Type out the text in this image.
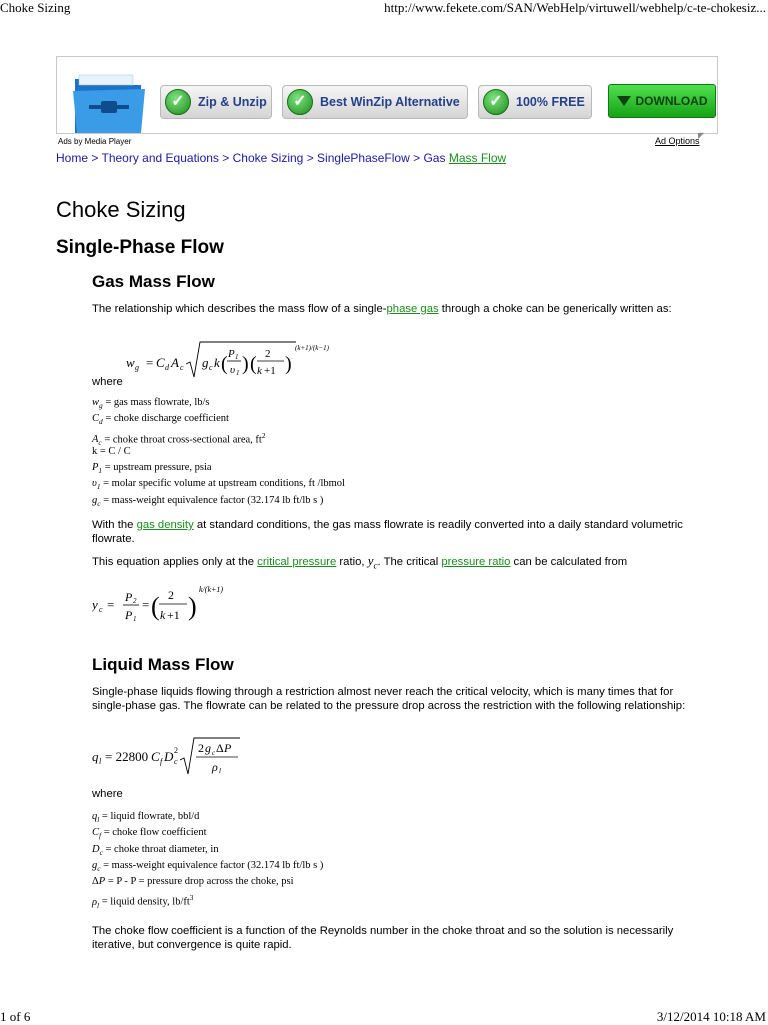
Choke Sizing	http://www.fekete.com/SAN/WebHelp/virtuwell/webhelp/c-te-chokesiz...
1 of 6	3/12/2014 10:18 AM
✓	Zip & Unzip	✓	Best WinZip Alternative	✓	100% FREE	DOWNLOAD
Ads by Media Player	Ad Options
◤
Home > Theory and Equations > Choke Sizing > SinglePhaseFlow > Gas Mass Flow
Choke Sizing
Single-Phase Flow
Gas Mass Flow

The relationship which describes the mass flow of a single-phase gas through a choke can be generically written as:

w g = C d A c g c k ( P 1
υ 1 ) ( 2
k +1 )
(k+1)/(k−1)
where
$w_g$ = gas mass flowrate, lb/s
$C_d$ = choke discharge coefficient
$A_c$ = choke throat cross-sectional area, $ft^2$
k = C / C
$P_1$ = upstream pressure, psia
$\upsilon_1$ = molar specific volume at upstream conditions, ft /lbmol
$g_c$ = mass-weight equivalence factor (32.174 lb ft/lb s )

With the gas density at standard conditions, the gas mass flowrate is readily converted into a daily standard volumetric flowrate.

This equation applies only at the critical pressure ratio, $y_c$. The critical pressure ratio can be calculated from

y c = P 2
P 1
= ( 2
k +1 )
k/(k+1)
Liquid Mass Flow

Single-phase liquids flowing through a restriction almost never reach the critical velocity, which is many times that for single-phase gas. The flowrate can be related to the pressure drop across the restriction with the following relationship:

q l = 22800 C f D c
2 2 g c Δ P
ρ l
where
$q_l$ = liquid flowrate, bbl/d
$C_f$ = choke flow coefficient
$D_c$ = choke throat diameter, in
$g_c$ = mass-weight equivalence factor (32.174 lb ft/lb s )
ΔP = P - P = pressure drop across the choke, psi
$\rho_l$ = liquid density, $lb/ft^3$

The choke flow coefficient is a function of the Reynolds number in the choke throat and so the solution is necessarily iterative, but convergence is quite rapid.
